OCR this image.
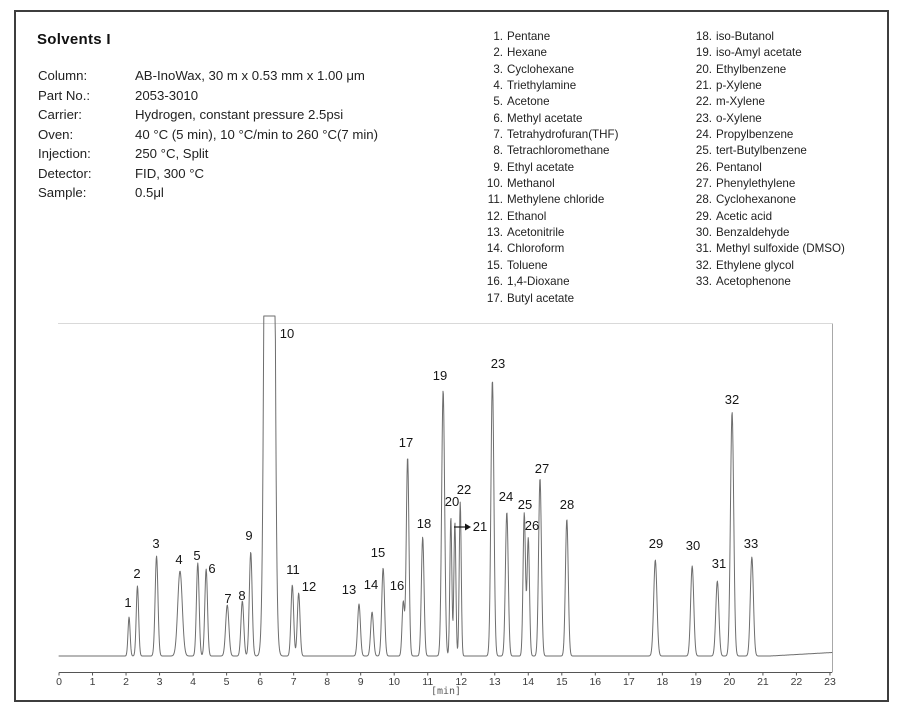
Solvents I
Column:	AB-InoWax, 30 m x 0.53 mm x 1.00 μm
Part No.:	2053-3010
Carrier:	Hydrogen, constant pressure 2.5psi
Oven:	40 °C (5 min), 10 °C/min to 260 °C(7 min)
Injection:	250 °C, Split
Detector:	FID, 300 °C
Sample:	0.5μl
1. Pentane
2. Hexane
3. Cyclohexane
4. Triethylamine
5. Acetone
6. Methyl acetate
7. Tetrahydrofuran(THF)
8. Tetrachloromethane
9. Ethyl acetate
10. Methanol
11. Methylene chloride
12. Ethanol
13. Acetonitrile
14. Chloroform
15. Toluene
16. 1,4-Dioxane
17. Butyl acetate
18. iso-Butanol
19. iso-Amyl acetate
20. Ethylbenzene
21. p-Xylene
22. m-Xylene
23. o-Xylene
24. Propylbenzene
25. tert-Butylbenzene
26. Pentanol
27. Phenylethylene
28. Cyclohexanone
29. Acetic acid
30. Benzaldehyde
31. Methyl sulfoxide (DMSO)
32. Ethylene glycol
33. Acetophenone
1
2
3
4 5
6
7 8
9
10
11
12 13 14
15
16
17
18
19
20
21
22
23
24
25
26
27
28
29 30
31
32
33
0	1	2	3	4	5	6	7	8	9 10 11 12 13 14 15 16 17 18 19 20 21 22 23
[min]
